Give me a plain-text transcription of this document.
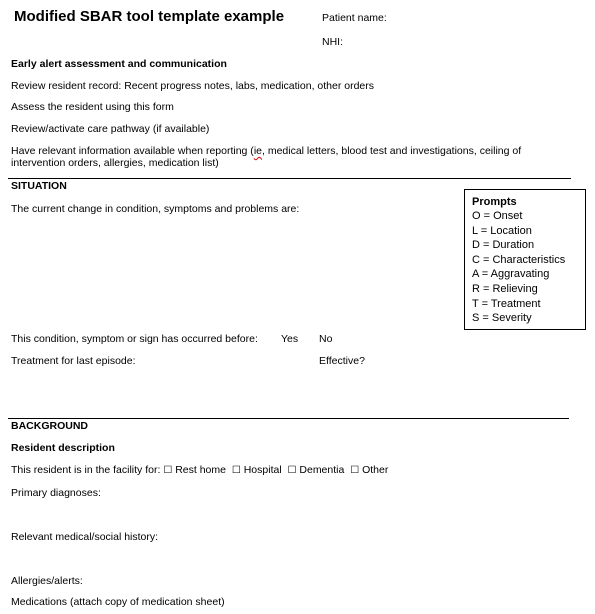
Modified SBAR tool template example	Patient name:
NHI:
Early alert assessment and communication
Review resident record: Recent progress notes, labs, medication, other orders
Assess the resident using this form
Review/activate care pathway (if available)
Have relevant information available when reporting (ie, medical letters, blood test and investigations, ceiling of
intervention orders, allergies, medication list)
SITUATION
The current change in condition, symptoms and problems are:
Prompts
O = Onset
L = Location
D = Duration
C = Characteristics
A = Aggravating
R = Relieving
T = Treatment
S = Severity
This condition, symptom or sign has occurred before: Yes No
Treatment for last episode:	Effective?
BACKGROUND
Resident description
This resident is in the facility for: ☐ Rest home ☐ Hospital ☐ Dementia ☐ Other
Primary diagnoses:
Relevant medical/social history:
Allergies/alerts:
Medications (attach copy of medication sheet)
